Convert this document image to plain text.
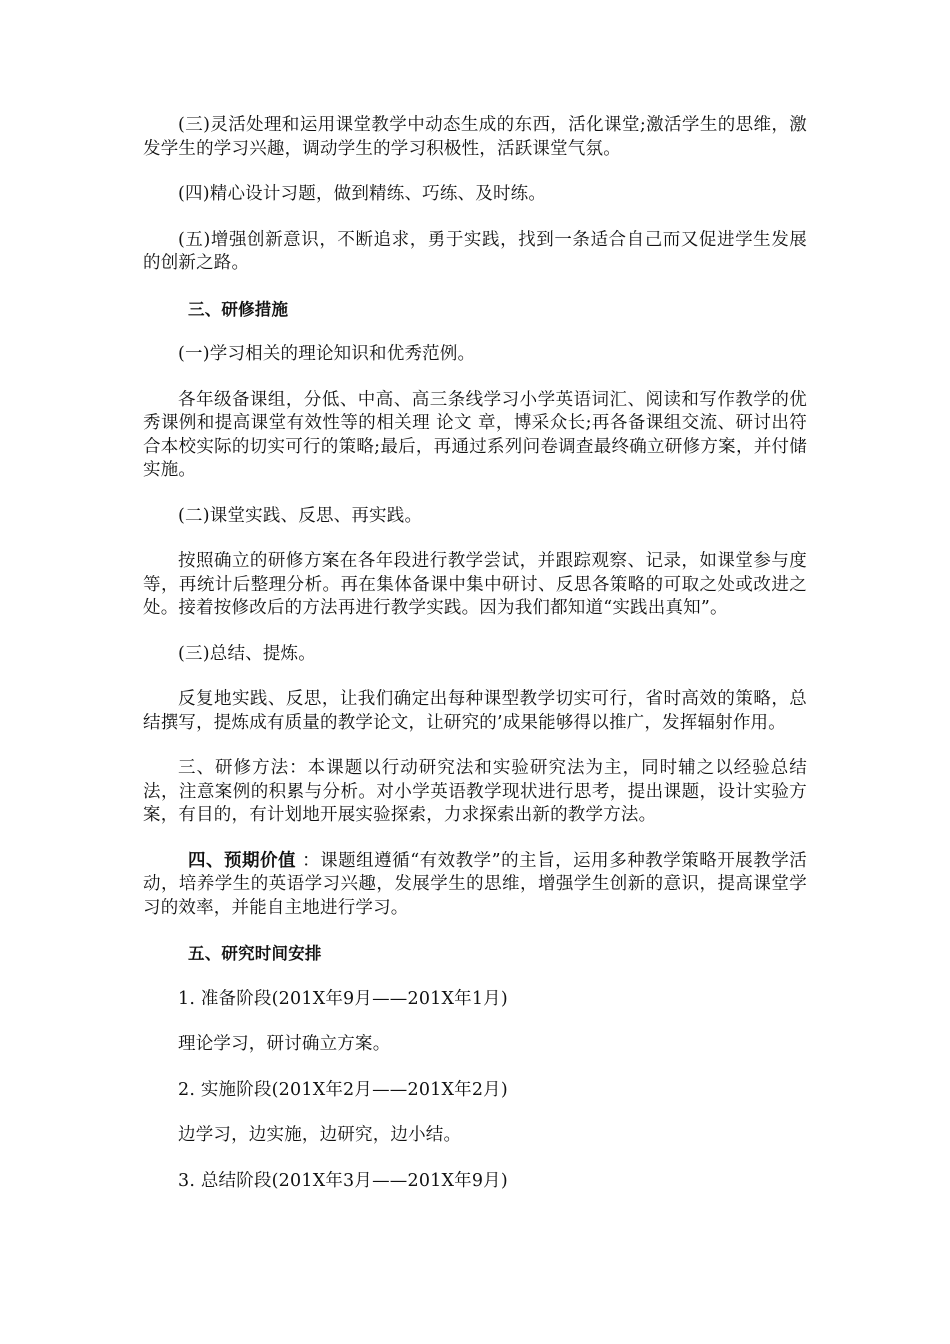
(三)灵活处理和运用课堂教学中动态生成的东西，活化课堂;激活学生的思维，激发学生的学习兴趣，调动学生的学习积极性，活跃课堂气氛。

(四)精心设计习题，做到精练、巧练、及时练。

(五)增强创新意识，不断追求，勇于实践，找到一条适合自己而又促进学生发展的创新之路。

三、研修措施

(一)学习相关的理论知识和优秀范例。

各年级备课组，分低、中高、高三条线学习小学英语词汇、阅读和写作教学的优秀课例和提高课堂有效性等的相关理 论文 章，博采众长;再各备课组交流、研讨出符合本校实际的切实可行的策略;最后，再通过系列问卷调查最终确立研修方案，并付储实施。

(二)课堂实践、反思、再实践。

按照确立的研修方案在各年段进行教学尝试，并跟踪观察、记录，如课堂参与度等，再统计后整理分析。再在集体备课中集中研讨、反思各策略的可取之处或改进之处。接着按修改后的方法再进行教学实践。因为我们都知道“实践出真知”。

(三)总结、提炼。

反复地实践、反思，让我们确定出每种课型教学切实可行，省时高效的策略，总结撰写，提炼成有质量的教学论文，让研究的’成果能够得以推广，发挥辐射作用。

三、研修方法：本课题以行动研究法和实验研究法为主，同时辅之以经验总结法，注意案例的积累与分析。对小学英语教学现状进行思考，提出课题，设计实验方案，有目的，有计划地开展实验探索，力求探索出新的教学方法。

四、预期价值 ：课题组遵循“有效教学”的主旨，运用多种教学策略开展教学活动，培养学生的英语学习兴趣，发展学生的思维，增强学生创新的意识，提高课堂学习的效率，并能自主地进行学习。

五、研究时间安排

1. 准备阶段(201X年9月——201X年1月)

理论学习，研讨确立方案。

2. 实施阶段(201X年2月——201X年2月)

边学习，边实施，边研究，边小结。

3. 总结阶段(201X年3月——201X年9月)
